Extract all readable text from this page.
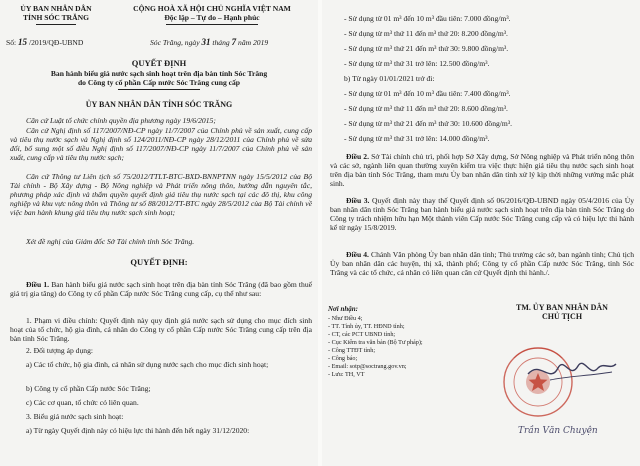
ỦY BAN NHÂN DÂN
TỈNH SÓC TRĂNG
Số: 15 /2019/QĐ-UBND
CỘNG HOÀ XÃ HỘI CHỦ NGHĨA VIỆT NAM
Độc lập – Tự do – Hạnh phúc
Sóc Trăng, ngày 31 tháng 7 năm 2019
QUYẾT ĐỊNH
Ban hành biểu giá nước sạch sinh hoạt trên địa bàn tỉnh Sóc Trăng
do Công ty cổ phần Cấp nước Sóc Trăng cung cấp
ỦY BAN NHÂN DÂN TỈNH SÓC TRĂNG
Căn cứ Luật tổ chức chính quyền địa phương ngày 19/6/2015;
Căn cứ Nghị định số 117/2007/NĐ-CP ngày 11/7/2007 của Chính phủ về sản xuất, cung cấp và tiêu thụ nước sạch và Nghị định số 124/2011/NĐ-CP ngày 28/12/2011 của Chính phủ về sửa đổi, bổ sung một số điều Nghị định số 117/2007/NĐ-CP ngày 11/7/2007 của Chính phủ về sản xuất, cung cấp và tiêu thụ nước sạch;
Căn cứ Thông tư Liên tịch số 75/2012/TTLT-BTC-BXD-BNNPTNN ngày 15/5/2012 của Bộ Tài chính - Bộ Xây dựng - Bộ Nông nghiệp và Phát triển nông thôn, hướng dẫn nguyên tắc, phương pháp xác định và thẩm quyền quyết định giá tiêu thụ nước sạch tại các đô thị, khu công nghiệp và khu vực nông thôn và Thông tư số 88/2012/TT-BTC ngày 28/5/2012 của Bộ Tài chính về việc ban hành khung giá tiêu thụ nước sạch sinh hoạt;
Xét đề nghị của Giám đốc Sở Tài chính tỉnh Sóc Trăng.
QUYẾT ĐỊNH:
Điều 1. Ban hành biểu giá nước sạch sinh hoạt trên địa bàn tỉnh Sóc Trăng (đã bao gồm thuế giá trị gia tăng) do Công ty cổ phần Cấp nước Sóc Trăng cung cấp, cụ thể như sau:
1. Phạm vi điều chỉnh: Quyết định này quy định giá nước sạch sử dụng cho mục đích sinh hoạt của tổ chức, hộ gia đình, cá nhân do Công ty cổ phần Cấp nước Sóc Trăng cung cấp trên địa bàn tỉnh Sóc Trăng.
2. Đối tượng áp dụng:
a) Các tổ chức, hộ gia đình, cá nhân sử dụng nước sạch cho mục đích sinh hoạt;
b) Công ty cổ phần Cấp nước Sóc Trăng;
c) Các cơ quan, tổ chức có liên quan.
3. Biểu giá nước sạch sinh hoạt:
a) Từ ngày Quyết định này có hiệu lực thi hành đến hết ngày 31/12/2020:
- Sử dụng từ 01 m³ đến 10 m³ đầu tiên: 7.000 đồng/m³.
- Sử dụng từ m³ thứ 11 đến m³ thứ 20: 8.200 đồng/m³.
- Sử dụng từ m³ thứ 21 đến m³ thứ 30: 9.800 đồng/m³.
- Sử dụng từ m³ thứ 31 trở lên: 12.500 đồng/m³.
b) Từ ngày 01/01/2021 trở đi:
- Sử dụng từ 01 m³ đến 10 m³ đầu tiên: 7.400 đồng/m³.
- Sử dụng từ m³ thứ 11 đến m³ thứ 20: 8.600 đồng/m³.
- Sử dụng từ m³ thứ 21 đến m³ thứ 30: 10.600 đồng/m³.
- Sử dụng từ m³ thứ 31 trở lên: 14.000 đồng/m³.
Điều 2. Sở Tài chính chủ trì, phối hợp Sở Xây dựng, Sở Nông nghiệp và Phát triển nông thôn và các sở, ngành liên quan thường xuyên kiểm tra việc thực hiện giá tiêu thụ nước sạch sinh hoạt trên địa bàn tỉnh Sóc Trăng, tham mưu Ủy ban nhân dân tỉnh xử lý kịp thời những vướng mắc phát sinh.
Điều 3. Quyết định này thay thế Quyết định số 06/2016/QĐ-UBND ngày 05/4/2016 của Ủy ban nhân dân tỉnh Sóc Trăng ban hành biểu giá nước sạch sinh hoạt trên địa bàn tỉnh Sóc Trăng do Công ty trách nhiệm hữu hạn Một thành viên Cấp nước Sóc Trăng cung cấp và có hiệu lực thi hành kể từ ngày 15/8/2019.
Điều 4. Chánh Văn phòng Ủy ban nhân dân tỉnh; Thủ trưởng các sở, ban ngành tỉnh; Chủ tịch Ủy ban nhân dân các huyện, thị xã, thành phố; Công ty cổ phần Cấp nước Sóc Trăng, tỉnh Sóc Trăng và các tổ chức, cá nhân có liên quan căn cứ Quyết định thi hành./.
Nơi nhận:
- Như Điều 4;
- TT. Tỉnh ủy, TT. HĐND tỉnh;
- CT, các PCT UBND tỉnh;
- Cục Kiểm tra văn bản (Bộ Tư pháp);
- Công TTĐT tỉnh;
- Công báo;
- Email: sotp@soctrang.gov.vn;
- Lưu: TH, VT
TM. ỦY BAN NHÂN DÂN
CHỦ TỊCH
Trần Văn Chuyện
